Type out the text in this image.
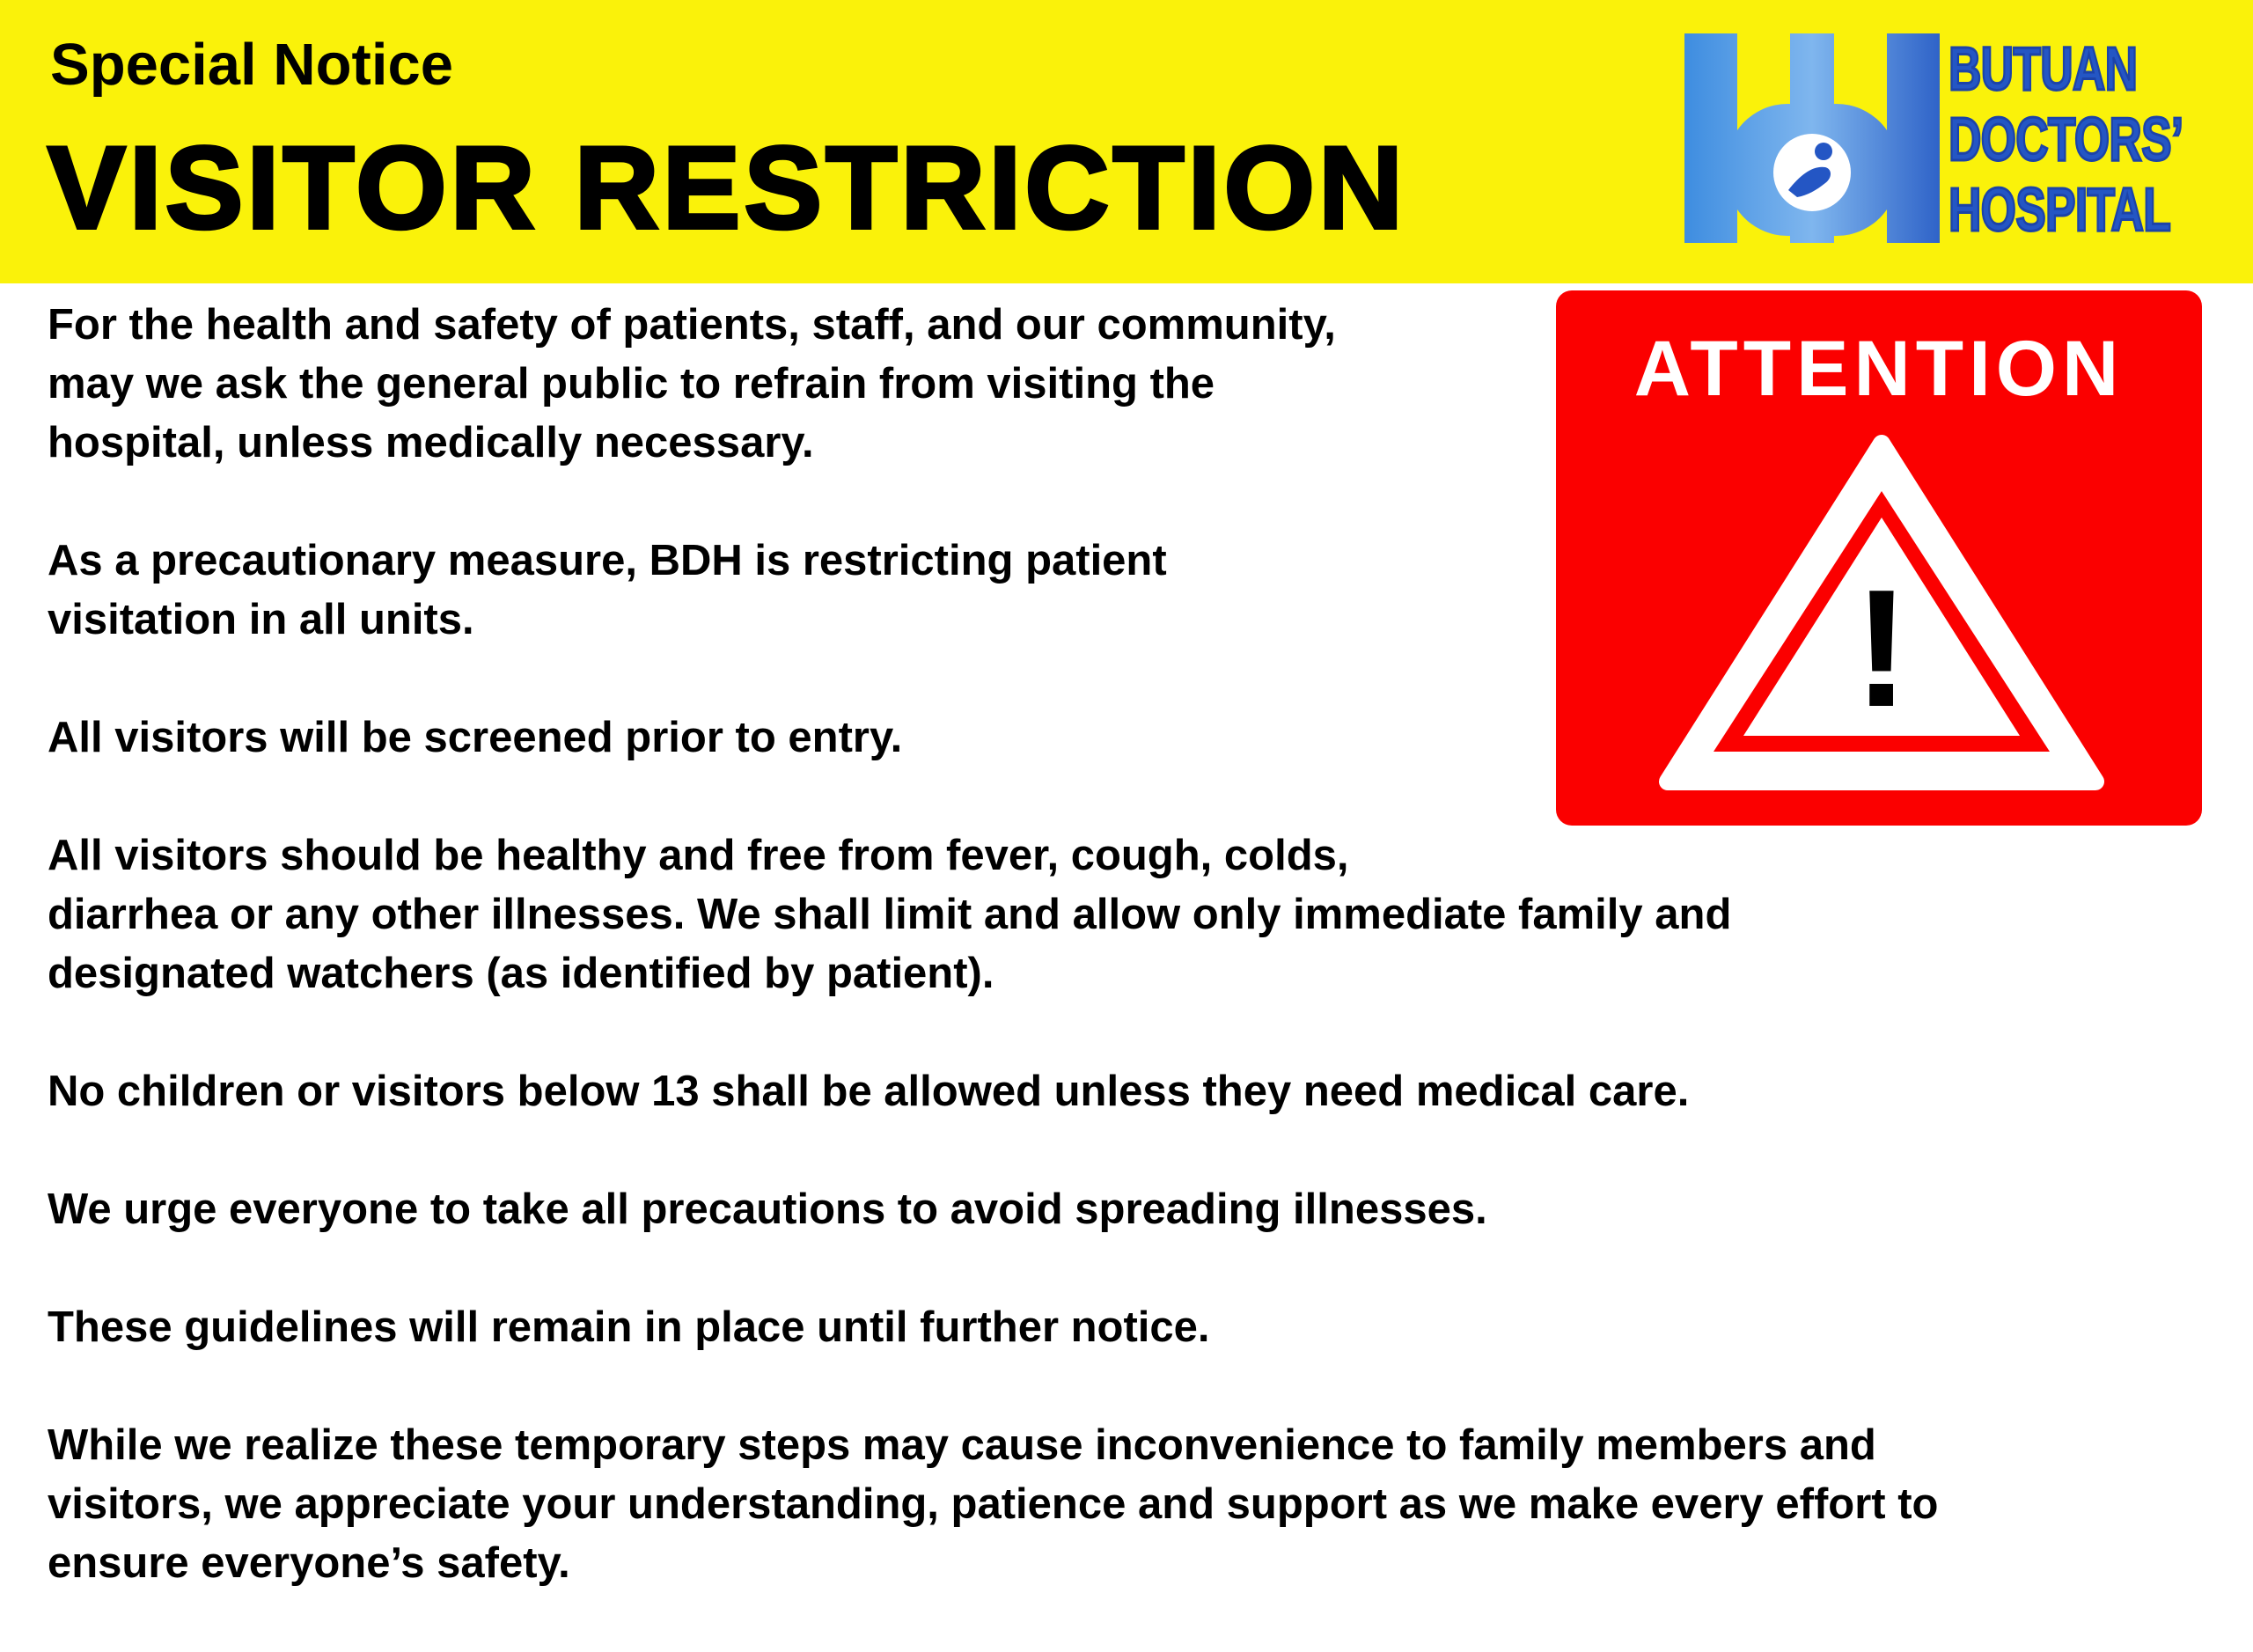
Special Notice
VISITOR RESTRICTION
BUTUAN
DOCTORS’
HOSPITAL
ATTENTION
!
For the health and safety of patients, staff, and our community,
may we ask the general public to refrain from visiting the
hospital, unless medically necessary.
As a precautionary measure, BDH is restricting patient
visitation in all units.
All visitors will be screened prior to entry.
All visitors should be healthy and free from fever, cough, colds,
diarrhea or any other illnesses. We shall limit and allow only immediate family and
designated watchers (as identified by patient).
No children or visitors below 13 shall be allowed unless they need medical care.
We urge everyone to take all precautions to avoid spreading illnesses.
These guidelines will remain in place until further notice.
While we realize these temporary steps may cause inconvenience to family members and
visitors, we appreciate your understanding, patience and support as we make every effort to
ensure everyone’s safety.
